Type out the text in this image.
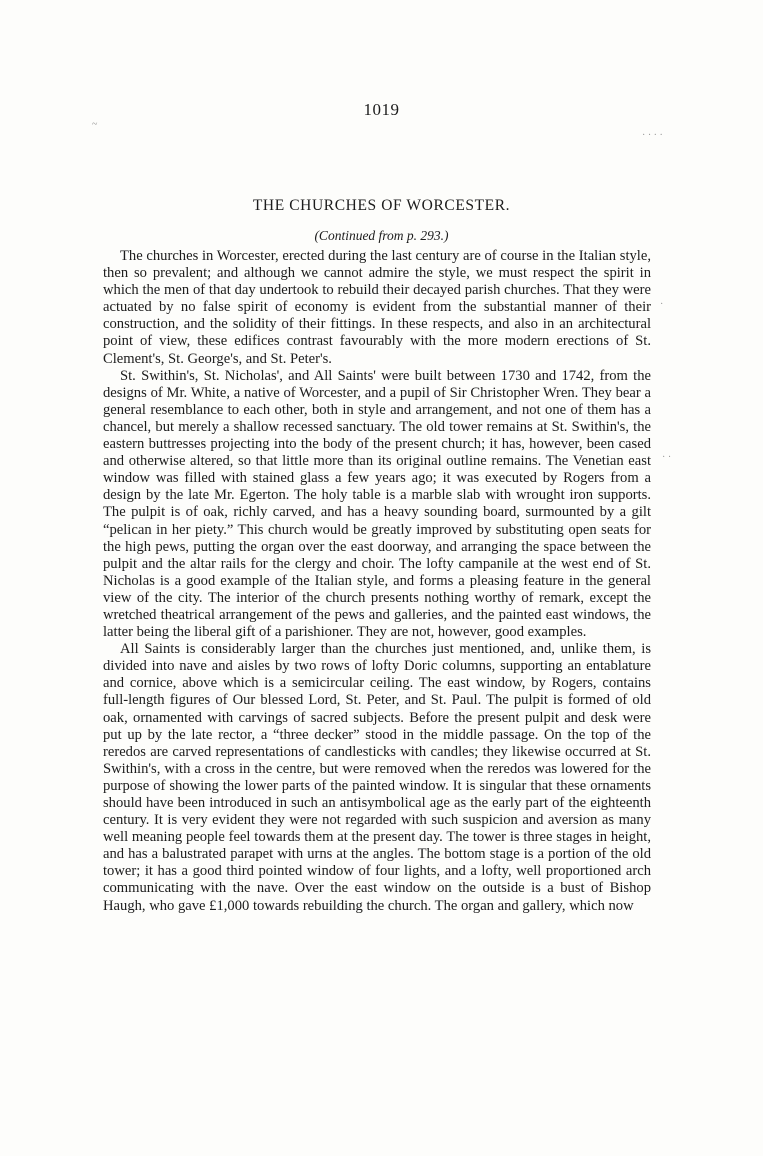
~
· · · ·
·
· ·
1019
THE CHURCHES OF WORCESTER.
(Continued from p. 293.)

The churches in Worcester, erected during the last century are of course in the Italian style, then so prevalent; and although we cannot admire the style, we must respect the spirit in which the men of that day undertook to rebuild their decayed parish churches. That they were actuated by no false spirit of economy is evident from the substantial manner of their construction, and the solidity of their fittings. In these respects, and also in an architectural point of view, these edifices contrast favourably with the more modern erections of St. Clement's, St. George's, and St. Peter's.

St. Swithin's, St. Nicholas', and All Saints' were built between 1730 and 1742, from the designs of Mr. White, a native of Worcester, and a pupil of Sir Christopher Wren. They bear a general resemblance to each other, both in style and arrangement, and not one of them has a chancel, but merely a shallow recessed sanctuary. The old tower remains at St. Swithin's, the eastern buttresses projecting into the body of the present church; it has, however, been cased and otherwise altered, so that little more than its original outline remains. The Venetian east window was filled with stained glass a few years ago; it was executed by Rogers from a design by the late Mr. Egerton. The holy table is a marble slab with wrought iron supports. The pulpit is of oak, richly carved, and has a heavy sounding board, surmounted by a gilt “pelican in her piety.” This church would be greatly improved by substituting open seats for the high pews, putting the organ over the east doorway, and arranging the space between the pulpit and the altar rails for the clergy and choir. The lofty campanile at the west end of St. Nicholas is a good example of the Italian style, and forms a pleasing feature in the general view of the city. The interior of the church presents nothing worthy of remark, except the wretched theatrical arrangement of the pews and galleries, and the painted east windows, the latter being the liberal gift of a parishioner. They are not, however, good examples.

All Saints is considerably larger than the churches just mentioned, and, unlike them, is divided into nave and aisles by two rows of lofty Doric columns, supporting an entablature and cornice, above which is a semicircular ceiling. The east window, by Rogers, contains full-length figures of Our blessed Lord, St. Peter, and St. Paul. The pulpit is formed of old oak, ornamented with carvings of sacred subjects. Before the present pulpit and desk were put up by the late rector, a “three decker” stood in the middle passage. On the top of the reredos are carved representations of candlesticks with candles; they likewise occurred at St. Swithin's, with a cross in the centre, but were removed when the reredos was lowered for the purpose of showing the lower parts of the painted window. It is singular that these ornaments should have been introduced in such an antisymbolical age as the early part of the eighteenth century. It is very evident they were not regarded with such suspicion and aversion as many well meaning people feel towards them at the present day. The tower is three stages in height, and has a balustrated parapet with urns at the angles. The bottom stage is a portion of the old tower; it has a good third pointed window of four lights, and a lofty, well proportioned arch communicating with the nave. Over the east window on the outside is a bust of Bishop Haugh, who gave £1,000 towards rebuilding the church. The organ and gallery, which now
